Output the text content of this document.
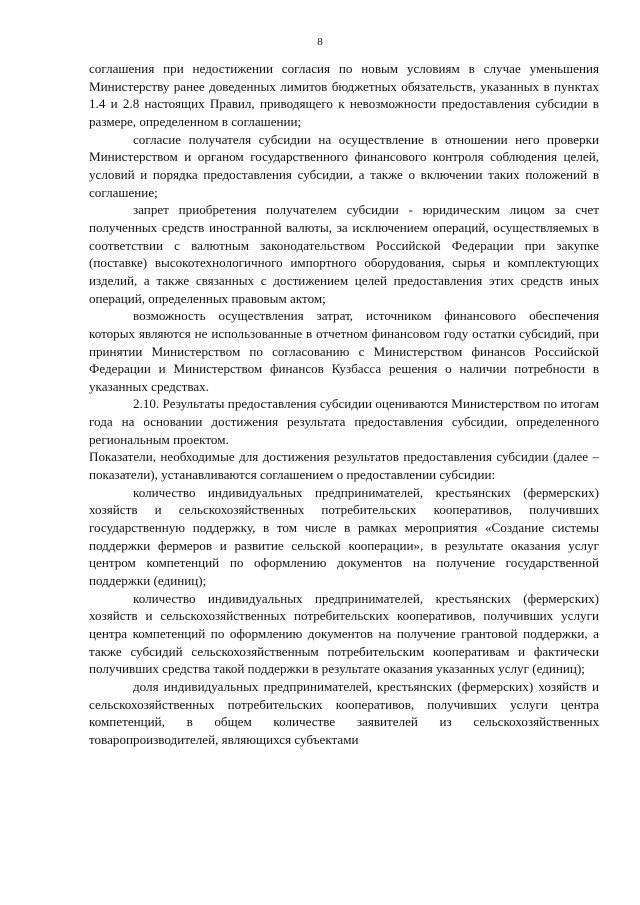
8

соглашения при недостижении согласия по новым условиям в случае уменьшения Министерству ранее доведенных лимитов бюджетных обязательств, указанных в пунктах 1.4 и 2.8 настоящих Правил, приводящего к невозможности предоставления субсидии в размере, определенном в соглашении;

согласие получателя субсидии на осуществление в отношении него проверки Министерством и органом государственного финансового контроля соблюдения целей, условий и порядка предоставления субсидии, а также о включении таких положений в соглашение;

запрет приобретения получателем субсидии - юридическим лицом за счет полученных средств иностранной валюты, за исключением операций, осуществляемых в соответствии с валютным законодательством Российской Федерации при закупке (поставке) высокотехнологичного импортного оборудования, сырья и комплектующих изделий, а также связанных с достижением целей предоставления этих средств иных операций, определенных правовым актом;

возможность осуществления затрат, источником финансового обеспечения которых являются не использованные в отчетном финансовом году остатки субсидий, при принятии Министерством по согласованию с Министерством финансов Российской Федерации и Министерством финансов Кузбасса решения о наличии потребности в указанных средствах.

2.10. Результаты предоставления субсидии оцениваются Министерством по итогам года на основании достижения результата предоставления субсидии, определенного региональным проектом.

Показатели, необходимые для достижения результатов предоставления субсидии (далее – показатели), устанавливаются соглашением о предоставлении субсидии:

количество индивидуальных предпринимателей, крестьянских (фермерских) хозяйств и сельскохозяйственных потребительских кооперативов, получивших государственную поддержку, в том числе в рамках мероприятия «Создание системы поддержки фермеров и развитие сельской кооперации», в результате оказания услуг центром компетенций по оформлению документов на получение государственной поддержки (единиц);

количество индивидуальных предпринимателей, крестьянских (фермерских) хозяйств и сельскохозяйственных потребительских кооперативов, получивших услуги центра компетенций по оформлению документов на получение грантовой поддержки, а также субсидий сельскохозяйственным потребительским кооперативам и фактически получивших средства такой поддержки в результате оказания указанных услуг (единиц);

доля индивидуальных предпринимателей, крестьянских (фермерских) хозяйств и сельскохозяйственных потребительских кооперативов, получивших услуги центра компетенций, в общем количестве заявителей из сельскохозяйственных товаропроизводителей, являющихся субъектами
